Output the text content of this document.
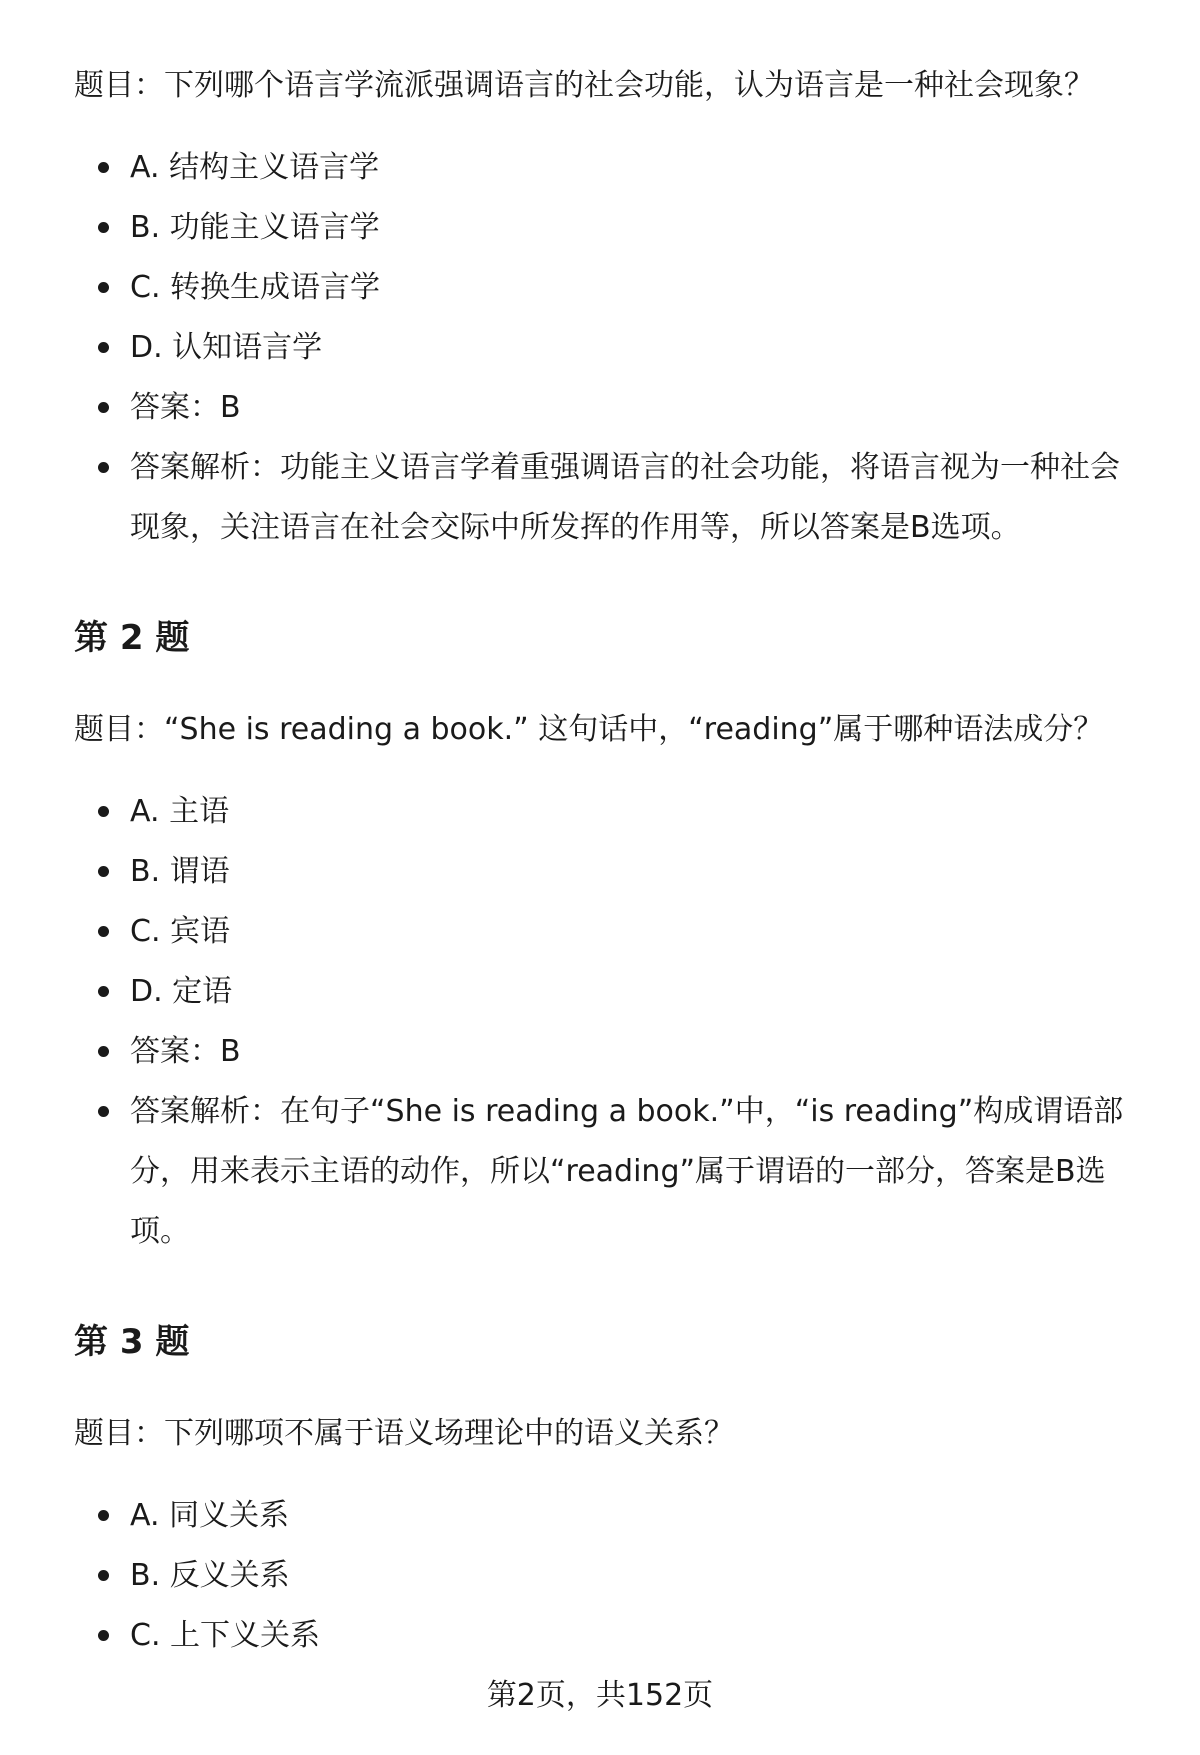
题目：下列哪个语言学流派强调语言的社会功能，认为语言是一种社会现象？

A. 结构主义语言学
B. 功能主义语言学
C. 转换生成语言学
D. 认知语言学
答案：B
答案解析：功能主义语言学着重强调语言的社会功能，将语言视为一种社会现象，关注语言在社会交际中所发挥的作用等，所以答案是B选项。
第 2 题

题目：“She is reading a book.” 这句话中，“reading”属于哪种语法成分？

A. 主语
B. 谓语
C. 宾语
D. 定语
答案：B
答案解析：在句子“She is reading a book.”中，“is reading”构成谓语部分，用来表示主语的动作，所以“reading”属于谓语的一部分，答案是B选项。
第 3 题

题目：下列哪项不属于语义场理论中的语义关系？

A. 同义关系
B. 反义关系
C. 上下义关系
第2页，共152页
